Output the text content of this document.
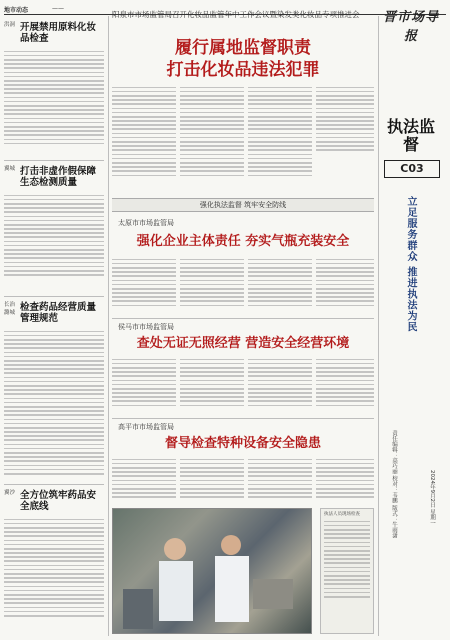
地市动态	——
晋市场导报
执法监督
C03
阳泉市市场监管局召开化妆品监管年中工作会议暨染发类化妆品专项推进会
履行属地监督职责
打击化妆品违法犯罪
强化执法监督 筑牢安全防线
太原市市场监管局
强化企业主体责任 夯实气瓶充装安全
侯马市市场监管局
查处无证无照经营 营造安全经营环境
高平市市场监管局
督导检查特种设备安全隐患
执法人员现场检查
洪洞 开展禁用原料化妆品检查
翼城 打击非虚作假保障生态检测质量
长治潞城 检查药品经营质量管理规范
翼沙 全方位筑牢药品安全底线
立足服务群众 推进执法为民
责任编辑：高巧丽 校对：韦鹏 版式：牛雨潇	2024年9月2日 星期一
